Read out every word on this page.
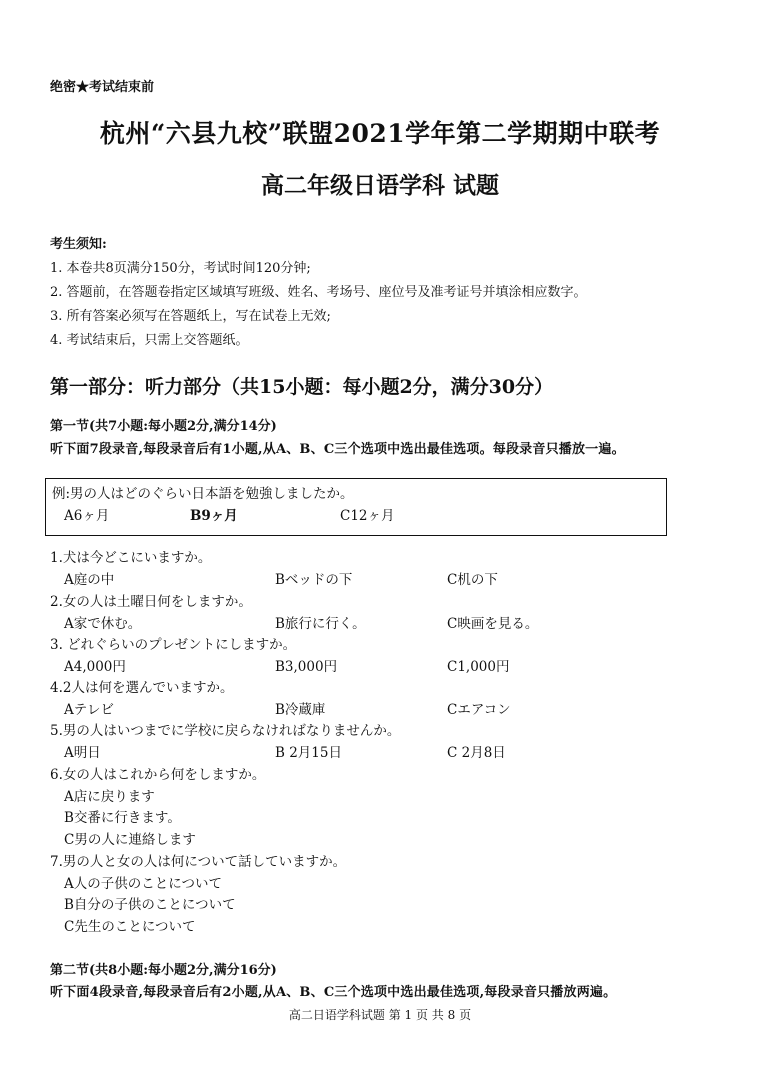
绝密★考试结束前
杭州“六县九校”联盟2021学年第二学期期中联考
高二年级日语学科 试题
考生须知:
1. 本卷共8页满分150分，考试时间120分钟;
2. 答题前，在答题卷指定区域填写班级、姓名、考场号、座位号及准考证号并填涂相应数字。
3. 所有答案必须写在答题纸上，写在试卷上无效;
4. 考试结束后，只需上交答题纸。
第一部分：听力部分（共15小题：每小题2分，满分30分）
第一节(共7小题:每小题2分,满分14分)
听下面7段录音,每段录音后有1小题,从A、B、C三个选项中选出最佳选项。每段录音只播放一遍。
例:男の人はどのぐらい日本語を勉強しましたか。
A6ヶ月	B9ヶ月	C12ヶ月
1.犬は今どこにいますか。
A庭の中	Bベッドの下	C机の下
2.女の人は土曜日何をしますか。
A家で休む。	B旅行に行く。	C映画を見る。
3. どれぐらいのプレゼントにしますか。
A4,000円	B3,000円	C1,000円
4.2人は何を選んでいますか。
Aテレビ	B冷蔵庫	Cエアコン
5.男の人はいつまでに学校に戻らなければなりませんか。
A明日	B 2月15日	C 2月8日
6.女の人はこれから何をしますか。
A店に戻ります
B交番に行きます。
C男の人に連絡します
7.男の人と女の人は何について話していますか。
A人の子供のことについて
B自分の子供のことについて
C先生のことについて
第二节(共8小题:每小题2分,满分16分)
听下面4段录音,每段录音后有2小题,从A、B、C三个选项中选出最佳选项,每段录音只播放两遍。
高二日语学科试题 第 1 页 共 8 页
